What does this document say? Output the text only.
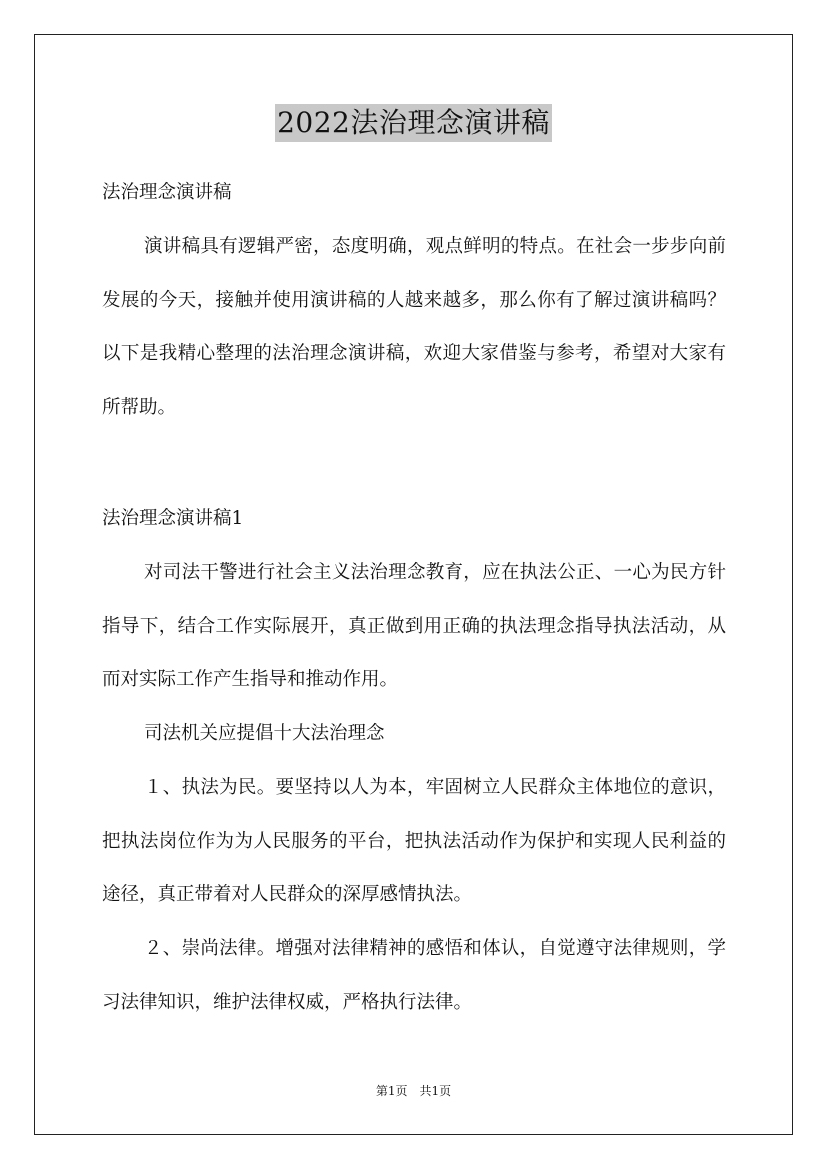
2022法治理念演讲稿

法治理念演讲稿

演讲稿具有逻辑严密，态度明确，观点鲜明的特点。在社会一步步向前发展的今天，接触并使用演讲稿的人越来越多，那么你有了解过演讲稿吗？以下是我精心整理的法治理念演讲稿，欢迎大家借鉴与参考，希望对大家有所帮助。

法治理念演讲稿1

对司法干警进行社会主义法治理念教育，应在执法公正、一心为民方针指导下，结合工作实际展开，真正做到用正确的执法理念指导执法活动，从而对实际工作产生指导和推动作用。

司法机关应提倡十大法治理念

１、执法为民。要坚持以人为本，牢固树立人民群众主体地位的意识，把执法岗位作为为人民服务的平台，把执法活动作为保护和实现人民利益的途径，真正带着对人民群众的深厚感情执法。

２、崇尚法律。增强对法律精神的感悟和体认，自觉遵守法律规则，学习法律知识，维护法律权威，严格执行法律。

第1页　共1页
